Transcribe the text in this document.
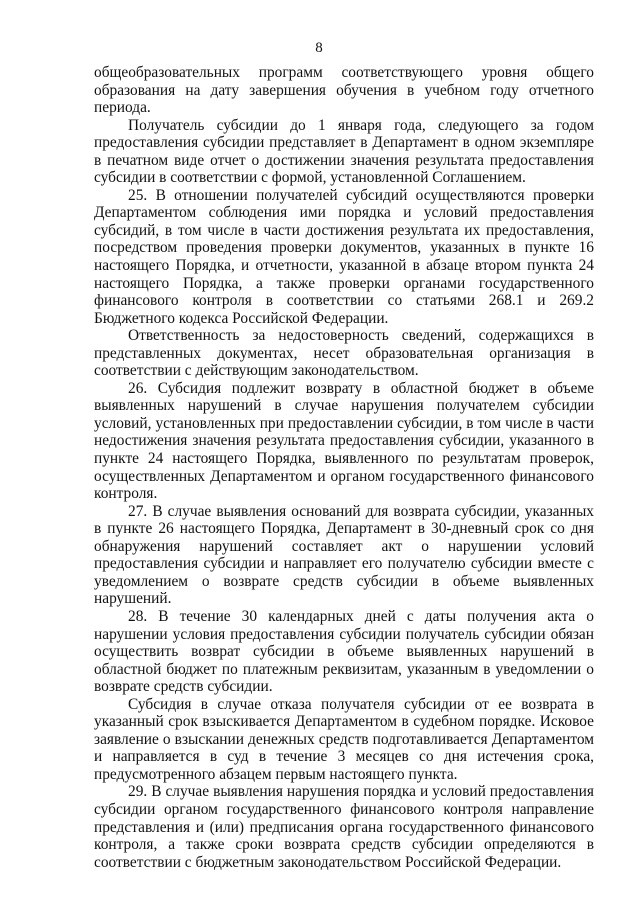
8

общеобразовательных программ соответствующего уровня общего образования на дату завершения обучения в учебном году отчетного периода.

Получатель субсидии до 1 января года, следующего за годом предоставления субсидии представляет в Департамент в одном экземпляре в печатном виде отчет о достижении значения результата предоставления субсидии в соответствии с формой, установленной Соглашением.

25. В отношении получателей субсидий осуществляются проверки Департаментом соблюдения ими порядка и условий предоставления субсидий, в том числе в части достижения результата их предоставления, посредством проведения проверки документов, указанных в пункте 16 настоящего Порядка, и отчетности, указанной в абзаце втором пункта 24 настоящего Порядка, а также проверки органами государственного финансового контроля в соответствии со статьями 268.1 и 269.2 Бюджетного кодекса Российской Федерации.

Ответственность за недостоверность сведений, содержащихся в представленных документах, несет образовательная организация в соответствии с действующим законодательством.

26. Субсидия подлежит возврату в областной бюджет в объеме выявленных нарушений в случае нарушения получателем субсидии условий, установленных при предоставлении субсидии, в том числе в части недостижения значения результата предоставления субсидии, указанного в пункте 24 настоящего Порядка, выявленного по результатам проверок, осуществленных Департаментом и органом государственного финансового контроля.

27. В случае выявления оснований для возврата субсидии, указанных в пункте 26 настоящего Порядка, Департамент в 30-дневный срок со дня обнаружения нарушений составляет акт о нарушении условий предоставления субсидии и направляет его получателю субсидии вместе с уведомлением о возврате средств субсидии в объеме выявленных нарушений.

28. В течение 30 календарных дней с даты получения акта о нарушении условия предоставления субсидии получатель субсидии обязан осуществить возврат субсидии в объеме выявленных нарушений в областной бюджет по платежным реквизитам, указанным в уведомлении о возврате средств субсидии.

Субсидия в случае отказа получателя субсидии от ее возврата в указанный срок взыскивается Департаментом в судебном порядке. Исковое заявление о взыскании денежных средств подготавливается Департаментом и направляется в суд в течение 3 месяцев со дня истечения срока, предусмотренного абзацем первым настоящего пункта.

29. В случае выявления нарушения порядка и условий предоставления субсидии органом государственного финансового контроля направление представления и (или) предписания органа государственного финансового контроля, а также сроки возврата средств субсидии определяются в соответствии с бюджетным законодательством Российской Федерации.
